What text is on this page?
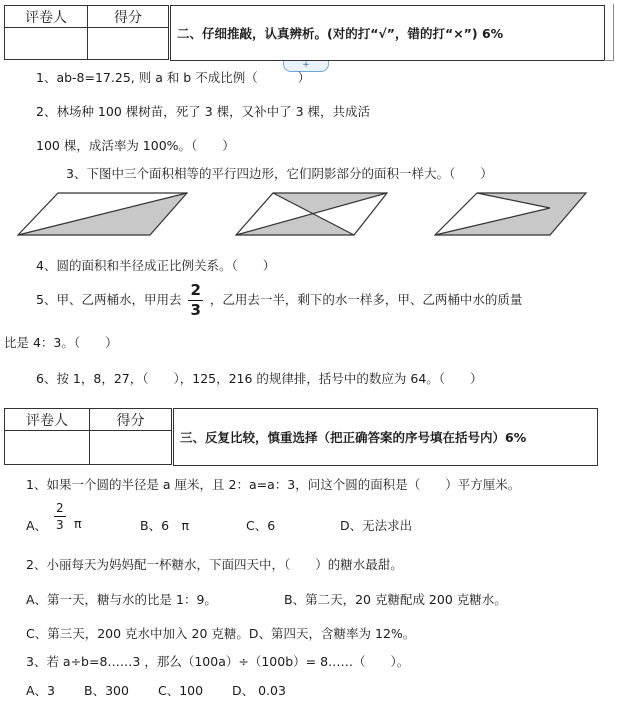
评卷人	得分

二、仔细推敲，认真辨析。(对的打“√”，错的打“×”) 6%
+
1、ab-8=17.25, 则 a 和 b 不成比例（	）
2、林场种 100 棵树苗，死了 3 棵，又补中了 3 棵，共成活
100 棵，成活率为 100%。（　　）
3、下图中三个面积相等的平行四边形，它们阴影部分的面积一样大。（　　）
4、圆的面积和半径成正比例关系。（　　）
5、甲、乙两桶水，甲用去 $\frac{2}{3}$ ，乙用去一半，剩下的水一样多，甲、乙两桶中水的质量
比是 4：3。（　　）
6、按 1，8，27，（　　），125，216 的规律排，括号中的数应为 64。（　　）
评卷人	得分

三、反复比较，慎重选择（把正确答案的序号填在括号内）6%
1、如果一个圆的半径是 a 厘米，且 2：a=a：3，问这个圆的面积是（　　）平方厘米。
A、 $\frac{2}{3}$ π	B、6　π	C、6	D、无法求出
2、小丽每天为妈妈配一杯糖水，下面四天中，（　　）的糖水最甜。
A、第一天，糖与水的比是 1：9。	B、第二天，20 克糖配成 200 克糖水。
C、第三天，200 克水中加入 20 克糖。D、第四天，含糖率为 12%。
3、若 a÷b=8……3 ，那么（100a）÷（100b）= 8……（　　）。
A、3 B、300 C、100 D、 0.03
